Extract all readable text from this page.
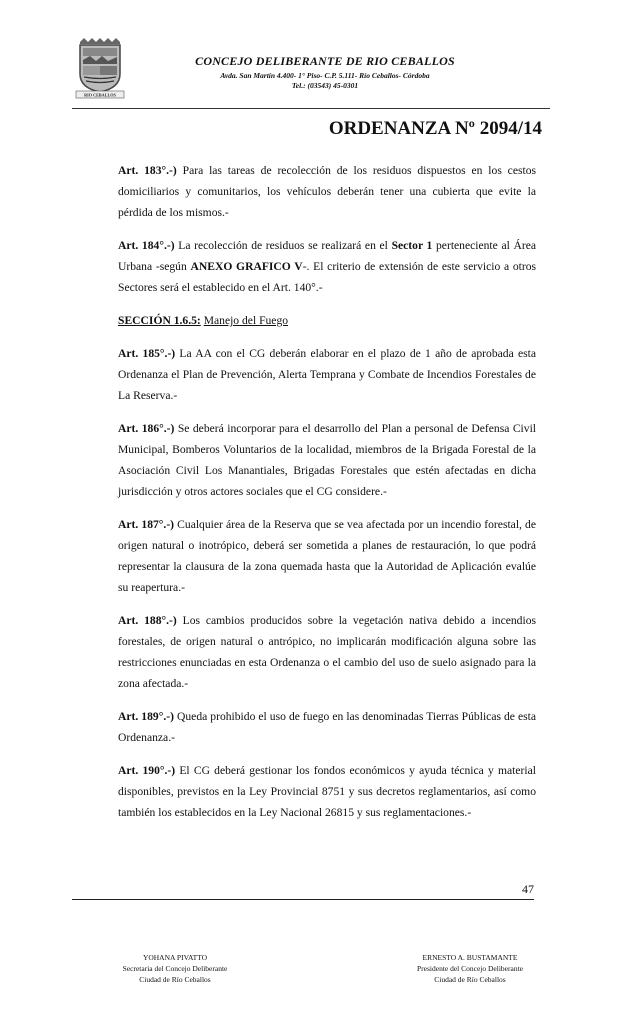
RIO CEBALLOS
CONCEJO DELIBERANTE DE RIO CEBALLOS
Avda. San Martín 4.400- 1° Piso- C.P. 5.111- Río Ceballos- Córdoba
Tel.: (03543) 45-0301
ORDENANZA Nº 2094/14

Art. 183°.-) Para las tareas de recolección de los residuos dispuestos en los cestos domiciliarios y comunitarios, los vehículos deberán tener una cubierta que evite la pérdida de los mismos.-

Art. 184°.-) La recolección de residuos se realizará en el Sector 1 perteneciente al Área Urbana -según ANEXO GRAFICO V-. El criterio de extensión de este servicio a otros Sectores será el establecido en el Art. 140°.-

SECCIÓN 1.6.5: Manejo del Fuego

Art. 185°.-) La AA con el CG deberán elaborar en el plazo de 1 año de aprobada esta Ordenanza el Plan de Prevención, Alerta Temprana y Combate de Incendios Forestales de La Reserva.-

Art. 186°.-) Se deberá incorporar para el desarrollo del Plan a personal de Defensa Civil Municipal, Bomberos Voluntarios de la localidad, miembros de la Brigada Forestal de la Asociación Civil Los Manantiales, Brigadas Forestales que estén afectadas en dicha jurisdicción y otros actores sociales que el CG considere.-

Art. 187°.-) Cualquier área de la Reserva que se vea afectada por un incendio forestal, de origen natural o inotrópico, deberá ser sometida a planes de restauración, lo que podrá representar la clausura de la zona quemada hasta que la Autoridad de Aplicación evalúe su reapertura.-

Art. 188°.-) Los cambios producidos sobre la vegetación nativa debido a incendios forestales, de origen natural o antrópico, no implicarán modificación alguna sobre las restricciones enunciadas en esta Ordenanza o el cambio del uso de suelo asignado para la zona afectada.-

Art. 189°.-) Queda prohibido el uso de fuego en las denominadas Tierras Públicas de esta Ordenanza.-

Art. 190°.-) El CG deberá gestionar los fondos económicos y ayuda técnica y material disponibles, previstos en la Ley Provincial 8751 y sus decretos reglamentarios, así como también los establecidos en la Ley Nacional 26815 y sus reglamentaciones.-

47
YOHANA PIVATTO
Secretaria del Concejo Deliberante
Ciudad de Río Ceballos
ERNESTO A. BUSTAMANTE
Presidente del Concejo Deliberante
Ciudad de Río Ceballos
